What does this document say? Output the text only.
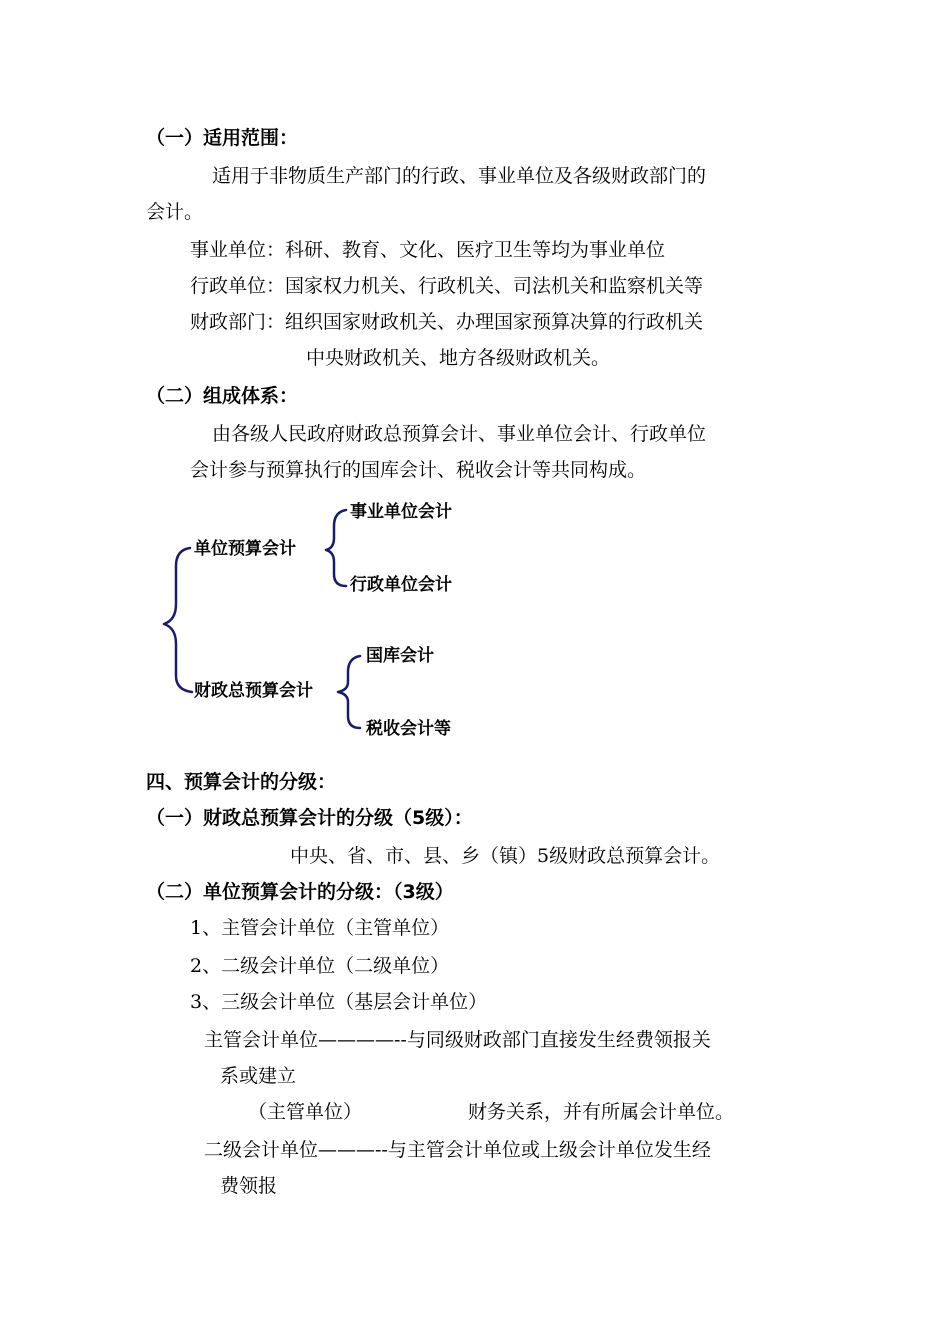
（一）适用范围：
适用于非物质生产部门的行政、事业单位及各级财政部门的
会计。
事业单位：科研、教育、文化、医疗卫生等均为事业单位
行政单位：国家权力机关、行政机关、司法机关和监察机关等
财政部门：组织国家财政机关、办理国家预算决算的行政机关
中央财政机关、地方各级财政机关。
（二）组成体系：
由各级人民政府财政总预算会计、事业单位会计、行政单位
会计参与预算执行的国库会计、税收会计等共同构成。
单位预算会计
事业单位会计
行政单位会计
财政总预算会计
国库会计
税收会计等
四、预算会计的分级：
（一）财政总预算会计的分级（5级）：
中央、省、市、县、乡（镇）5级财政总预算会计。
（二）单位预算会计的分级：（3级）
1、主管会计单位（主管单位）
2、二级会计单位（二级单位）
3、三级会计单位（基层会计单位）
主管会计单位————--与同级财政部门直接发生经费领报关
系或建立
（主管单位）	财务关系，并有所属会计单位。
二级会计单位———--与主管会计单位或上级会计单位发生经
费领报
